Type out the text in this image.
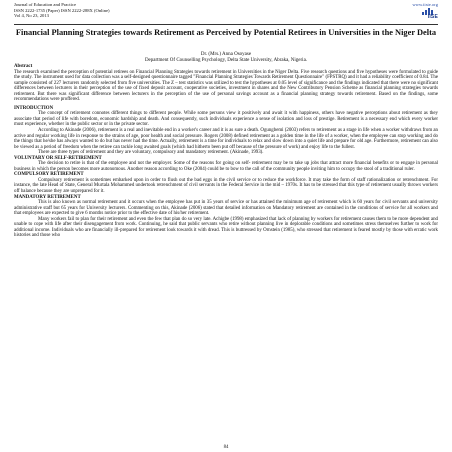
Journal of Education and Practice
ISSN 2222-1735 (Paper) ISSN 2222-288X (Online)
Vol 4, No 23, 2013
www.iiste.org
IISE
Financial Planning Strategies towards Retirement as Perceived by Potential Retirees in Universities in the Niger Delta
Dr. (Mrs.) Anna Osoyase
Department Of Counselling Psychology, Delta State University, Abraka, Nigeria.
Abstract

The research examined the perception of potential retirees on Financial Planning Strategies towards retirement in Universities in the Niger Delta. Five research questions and five hypotheses were formulated to guide the study. The instrument used for data collection was a self-designed questionnaire tagged "Financial Planning Strategies Towards Retirement Questionnaire" (FPSTRQ) and it had a reliability coefficient of 0.84. The sample consisted of 227 lecturers randomly selected from five universities. The Z – test statistics was utilized to test the hypotheses at 0.05 level of significance and the findings indicated that there were no significant differences between lecturers in their perception of the use of fixed deposit account, cooperative societies, investment in shares and the New Contributory Pension Scheme as financial planning strategies towards retirement. But there was significant difference between lecturers in the perception of the use of personal savings account as a financial planning strategy towards retirement. Based on the findings, some recommendations were proffered.

INTRODUCTION

The concept of retirement connotes different things to different people. While some persons view it positively and await it with happiness, others have negative perceptions about retirement as they associate that period of life with boredom, economic hardship and death. And consequently, such individuals experience a sense of isolation and loss of prestige. Retirement is a necessary end which every worker must experience, whether in the public sector or in the private sector.

According to Akinade (2006), retirement is a real and inevitable end in a worker's career and it is as sure a death. Ogungbemi (2003) refers to retirement as a stage in life when a worker withdraws from an active and regular working life in response to the strains of age, poor health and social pressure. Rogers (2008) defined retirement as a golden time in the life of a worker, when the employee can stop working and do the things that he/she has always wanted to do but has never had the time. Actually, retirement is a time for individuals to relax and slow down into a quiet life and prepare for old age. Furthermore, retirement can also be viewed as a period of freedom when the retiree can tackle long awaited goals (which had hitherto been put off because of the pressure of work) and enjoy life to the fullest.

There are three types of retirement and they are voluntary, compulsory and mandatory retirement. (Akinade, 1993).

VOLUNTARY OR SELF-RETIREMENT

The decision to retire is that of the employee and not the employer. Some of the reasons for going on self- retirement may be to take up jobs that attract more financial benefits or to engage in personal business in which the person becomes more autonomous. Another reason according to Oke (2004) could be to bow to the call of the community people inviting him to occupy the stool of a traditional ruler.

COMPULSORY RETIREMENT

Compulsory retirement is sometimes embarked upon in order to flush out the bad eggs in the civil service or to reduce the workforce. It may take the form of staff rationalization or retrenchment. For instance, the late Head of State, General Murtala Mohammed undertook retrenchment of civil servants in the Federal Service in the mid – 1970s. It has to be stressed that this type of retirement usually throws workers off balance because they are unprepared for it.

MANDATORY RETIREMENT

This is also known as normal retirement and it occurs when the employee has put in 35 years of service or has attained the minimum age of retirement which is 60 years for civil servants and university administrative staff but 65 years for University lecturers. Commenting on this, Akinade (2006) stated that detailed information on Mandatory retirement are contained in the conditions of service for all workers and that employees are expected to give 6 months notice prior to the effective date of his/her retirement.

Many workers fail to plan for their retirement and even the few that plan do so very late. Achigbe (1998) emphasized that lack of planning by workers for retirement causes them to be more dependent and unable to cope with life after their disengagement from work. Continuing, he said that public servants who retire without planning live in deplorable conditions and sometimes stress themselves further to work for additional income. Individuals who are financially ill-prepared for retirement look towards it with dread. This is buttressed by Ornstein (1985), who stressed that retirement is feared mostly by those with erratic work histories and those who

84
